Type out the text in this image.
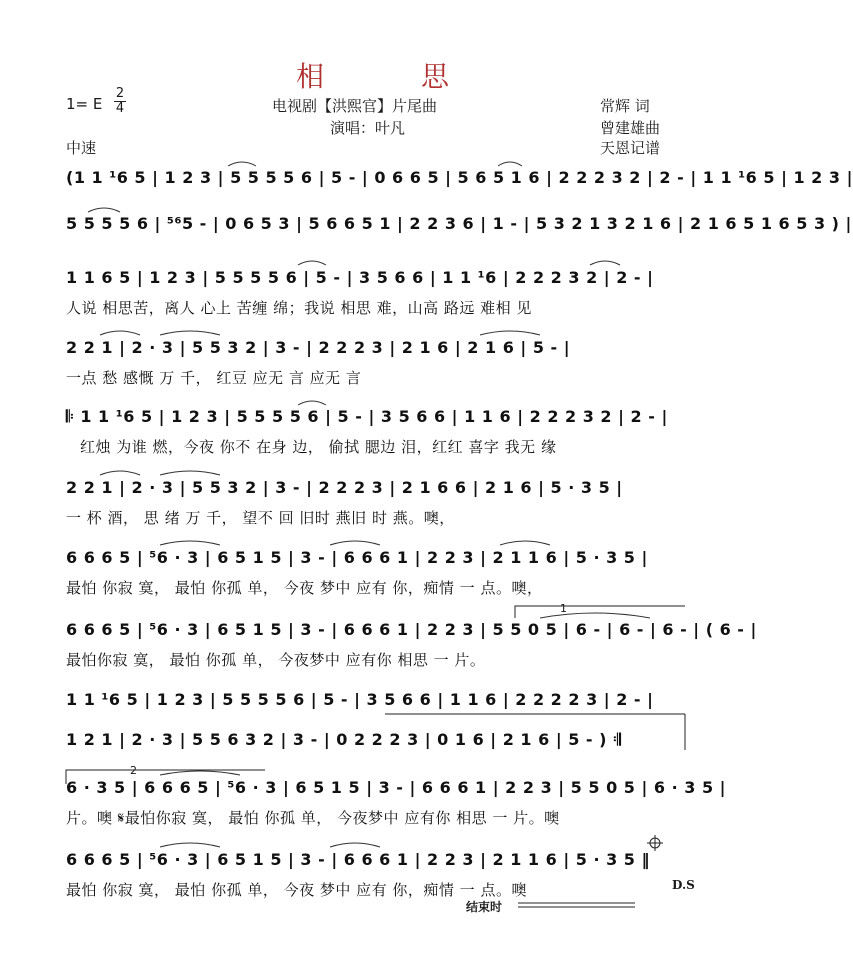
相 思
1= E
2
4	电视剧【洪熙官】片尾曲
演唱：叶凡
中速
常辉 词
曾建雄曲
天恩记谱
(1 1 ¹6 5 | 1 2 3 | 5 5 5 5 6 | 5 - | 0 6 6 5 | 5 6 5 1 6 | 2 2 2 3 2 | 2 - | 1 1 ¹6 5 | 1 2 3 |
5 5 5 5 6 | ⁵⁶5 - | 0 6 5 3 | 5 6 6 5 1 | 2 2 3 6 | 1 - | 5 3 2 1 3 2 1 6 | 2 1 6 5 1 6 5 3 ) |
1 1 6 5 | 1 2 3 | 5 5 5 5 6 | 5 - | 3 5 6 6 | 1 1 ¹6 | 2 2 2 3 2 | 2 - |
人说 相思苦，离人 心上 苦缠 绵；我说 相思 难，山高 路远 难相 见
2 2 1 | 2 · 3 | 5 5 3 2 | 3 - | 2 2 2 3 | 2 1 6 | 2 1 6 | 5 - |
一点 愁 感慨 万 千， 红豆 应无 言 应无 言
𝄆 1 1 ¹6 5 | 1 2 3 | 5 5 5 5 6 | 5 - | 3 5 6 6 | 1 1 6 | 2 2 2 3 2 | 2 - |
红烛 为谁 燃，今夜 你不 在身 边， 偷拭 腮边 泪，红红 喜字 我无 缘
2 2 1 | 2 · 3 | 5 5 3 2 | 3 - | 2 2 2 3 | 2 1 6 6 | 2 1 6 | 5 · 3 5 |
一 杯 酒， 思 绪 万 千， 望不 回 旧时 燕旧 时 燕。噢，
6 6 6 5 | ⁵6 · 3 | 6 5 1 5 | 3 - | 6 6 6 1 | 2 2 3 | 2 1 1 6 | 5 · 3 5 |
最怕 你寂 寞， 最怕 你孤 单， 今夜 梦中 应有 你，痴情 一 点。噢，
6 6 6 5 | ⁵6 · 3 | 6 5 1 5 | 3 - | 6 6 6 1 | 2 2 3 | 5 5 0 5 | 6 - | 6 - | 6 - | ( 6 - |
最怕你寂 寞， 最怕 你孤 单， 今夜梦中 应有你 相思 一 片。
1
1 1 ¹6 5 | 1 2 3 | 5 5 5 5 6 | 5 - | 3 5 6 6 | 1 1 6 | 2 2 2 2 3 | 2 - |
1 2 1 | 2 · 3 | 5 5 6 3 2 | 3 - | 0 2 2 2 3 | 0 1 6 | 2 1 6 | 5 - ) 𝄇
2
6 · 3 5 | 6 6 6 5 | ⁵6 · 3 | 6 5 1 5 | 3 - | 6 6 6 1 | 2 2 3 | 5 5 0 5 | 6 · 3 5 |
片。噢 𝄋最怕你寂 寞， 最怕 你孤 单， 今夜梦中 应有你 相思 一 片。噢
6 6 6 5 | ⁵6 · 3 | 6 5 1 5 | 3 - | 6 6 6 1 | 2 2 3 | 2 1 1 6 | 5 · 3 5 ‖
最怕 你寂 寞， 最怕 你孤 单， 今夜 梦中 应有 你，痴情 一 点。噢	D.S
结束时
